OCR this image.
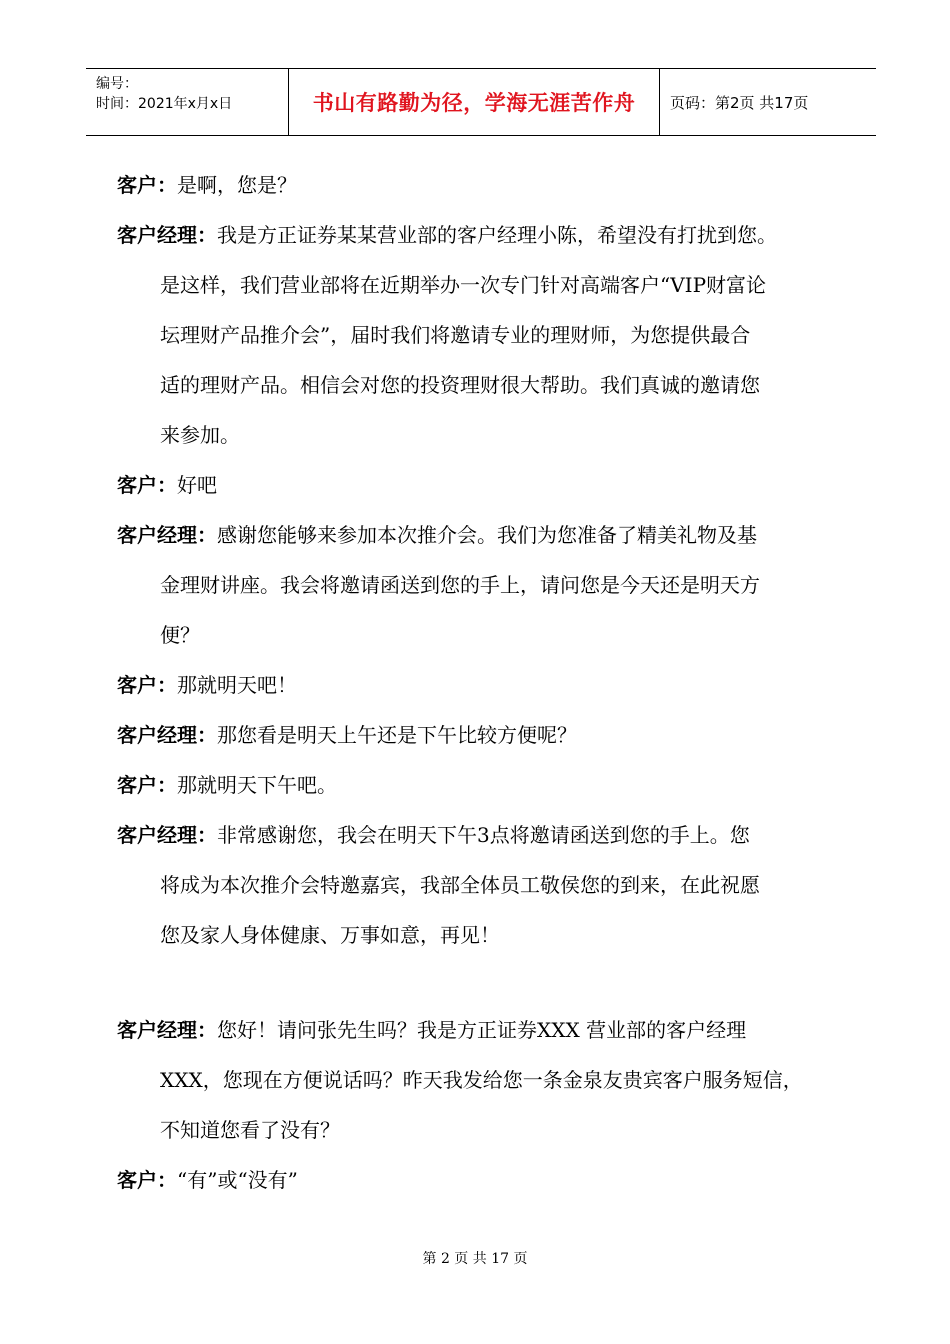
编号：
时间：2021年x月x日	书山有路勤为径，学海无涯苦作舟 页码：第2页 共17页

客户：是啊，您是？

客户经理：我是方正证券某某营业部的客户经理小陈，希望没有打扰到您。
是这样，我们营业部将在近期举办一次专门针对高端客户“VIP财富论
坛理财产品推介会”，届时我们将邀请专业的理财师，为您提供最合
适的理财产品。相信会对您的投资理财很大帮助。我们真诚的邀请您
来参加。

客户：好吧

客户经理：感谢您能够来参加本次推介会。我们为您准备了精美礼物及基
金理财讲座。我会将邀请函送到您的手上，请问您是今天还是明天方
便？

客户：那就明天吧！

客户经理：那您看是明天上午还是下午比较方便呢？

客户：那就明天下午吧。

客户经理：非常感谢您，我会在明天下午3点将邀请函送到您的手上。您
将成为本次推介会特邀嘉宾，我部全体员工敬侯您的到来，在此祝愿
您及家人身体健康、万事如意，再见！

客户经理：您好！请问张先生吗？我是方正证券XXX 营业部的客户经理
XXX，您现在方便说话吗？昨天我发给您一条金泉友贵宾客户服务短信，
不知道您看了没有？

客户：“有”或“没有”

第 2 页 共 17 页
